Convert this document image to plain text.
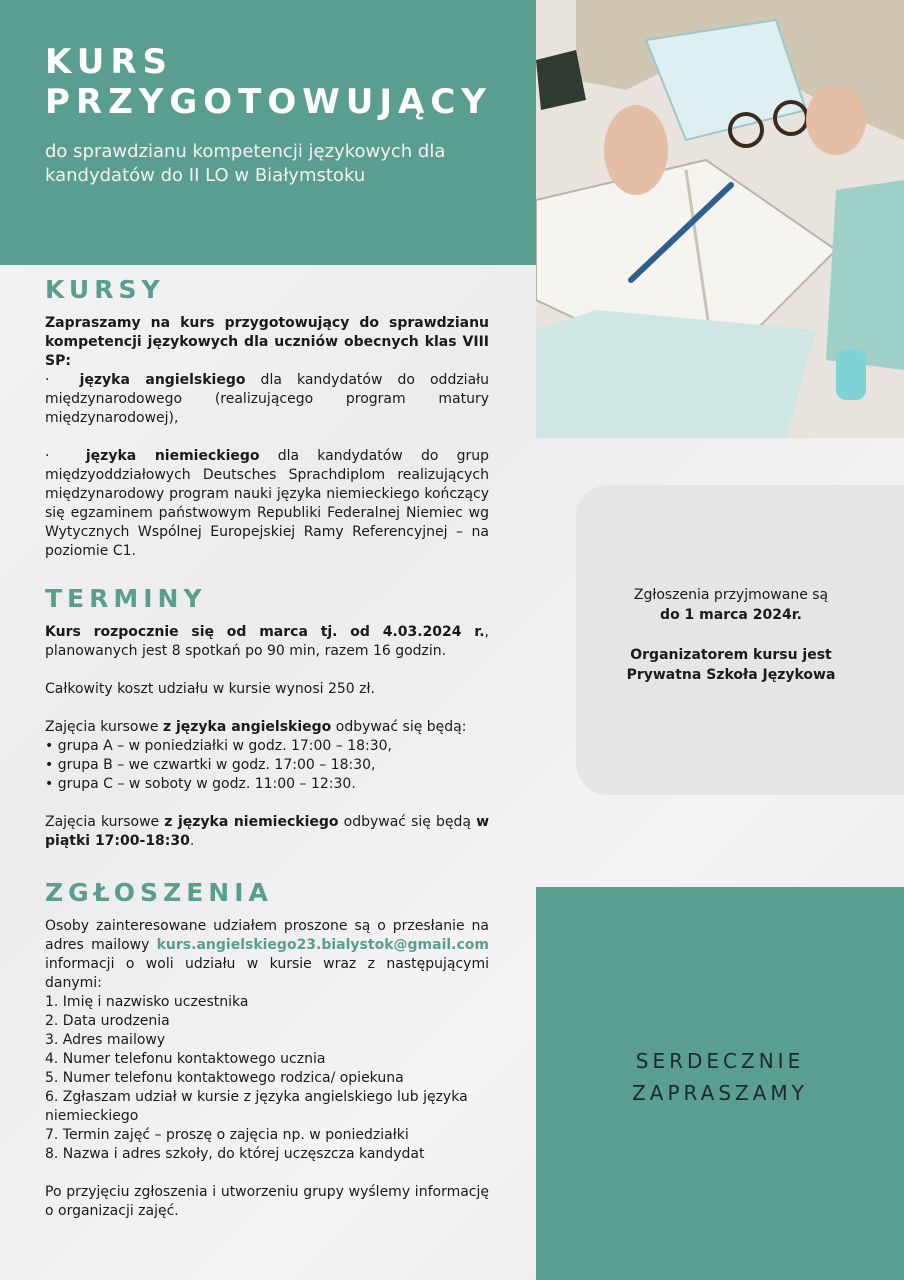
KURS
PRZYGOTOWUJĄCY

do sprawdzianu kompetencji językowych dla kandydatów do II LO w Białymstoku

KURSY

Zapraszamy na kurs przygotowujący do sprawdzianu kompetencji językowych dla uczniów obecnych klas VIII SP:

·  języka angielskiego dla kandydatów do oddziału międzynarodowego (realizującego program matury międzynarodowej),

·  języka niemieckiego dla kandydatów do grup międzyoddziałowych Deutsches Sprachdiplom realizujących międzynarodowy program nauki języka niemieckiego kończący się egzaminem państwowym Republiki Federalnej Niemiec wg Wytycznych Wspólnej Europejskiej Ramy Referencyjnej – na poziomie C1.

TERMINY

Kurs rozpocznie się od marca tj. od 4.03.2024 r., planowanych jest 8 spotkań po 90 min, razem 16 godzin.

Całkowity koszt udziału w kursie wynosi 250 zł.

Zajęcia kursowe z języka angielskiego odbywać się będą:

• grupa A – w poniedziałki w godz. 17:00 – 18:30,

• grupa B – we czwartki w godz. 17:00 – 18:30,

• grupa C – w soboty w godz. 11:00 – 12:30.

Zajęcia kursowe z języka niemieckiego odbywać się będą w piątki 17:00-18:30.

ZGŁOSZENIA

Osoby zainteresowane udziałem proszone są o przesłanie na adres mailowy kurs.angielskiego23.bialystok@gmail.com informacji o woli udziału w kursie wraz z następującymi danymi:

1. Imię i nazwisko uczestnika

2. Data urodzenia

3. Adres mailowy

4. Numer telefonu kontaktowego ucznia

5. Numer telefonu kontaktowego rodzica/ opiekuna

6. Zgłaszam udział w kursie z języka angielskiego lub języka niemieckiego

7. Termin zajęć – proszę o zajęcia np. w poniedziałki

8. Nazwa i adres szkoły, do której uczęszcza kandydat

Po przyjęciu zgłoszenia i utworzeniu grupy wyślemy informację o organizacji zajęć.

Zgłoszenia przyjmowane są
do 1 marca 2024r.
Organizatorem kursu jest
Prywatna Szkoła Językowa
SERDECZNIE
ZAPRASZAMY
